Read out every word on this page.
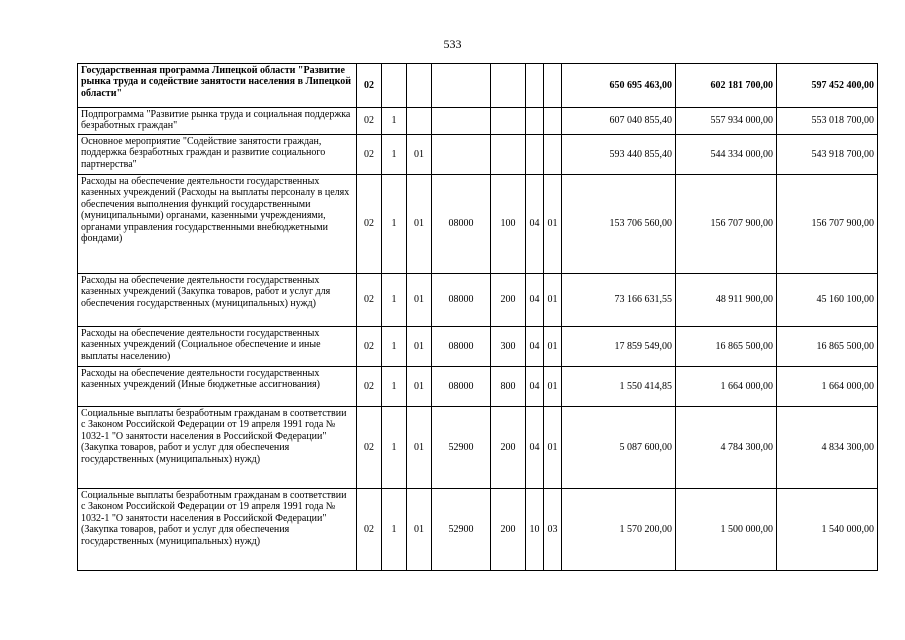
533
Государственная программа Липецкой области "Развитие рынка труда и содействие занятости населения в Липецкой области"	02							650 695 463,00	602 181 700,00	597 452 400,00
Подпрограмма "Развитие рынка труда и социальная поддержка безработных граждан"	02	1						607 040 855,40	557 934 000,00	553 018 700,00
Основное мероприятие "Содействие занятости граждан, поддержка безработных граждан и развитие социального партнерства"	02	1	01					593 440 855,40	544 334 000,00	543 918 700,00
Расходы на обеспечение деятельности государственных казенных учреждений (Расходы на выплаты персоналу в целях обеспечения выполнения функций государственными (муниципальными) органами, казенными учреждениями, органами управления государственными внебюджетными фондами)	02	1	01	08000	100	04	01	153 706 560,00	156 707 900,00	156 707 900,00
Расходы на обеспечение деятельности государственных казенных учреждений (Закупка товаров, работ и услуг для обеспечения государственных (муниципальных) нужд)	02	1	01	08000	200	04	01	73 166 631,55	48 911 900,00	45 160 100,00
Расходы на обеспечение деятельности государственных казенных учреждений (Социальное обеспечение и иные выплаты населению)	02	1	01	08000	300	04	01	17 859 549,00	16 865 500,00	16 865 500,00
Расходы на обеспечение деятельности государственных казенных учреждений (Иные бюджетные ассигнования)	02	1	01	08000	800	04	01	1 550 414,85	1 664 000,00	1 664 000,00
Социальные выплаты безработным гражданам в соответствии с Законом Российской Федерации от 19 апреля 1991 года № 1032-1 "О занятости населения в Российской Федерации" (Закупка товаров, работ и услуг для обеспечения государственных (муниципальных) нужд)	02	1	01	52900	200	04	01	5 087 600,00	4 784 300,00	4 834 300,00
Социальные выплаты безработным гражданам в соответствии с Законом Российской Федерации от 19 апреля 1991 года № 1032-1 "О занятости населения в Российской Федерации" (Закупка товаров, работ и услуг для обеспечения государственных (муниципальных) нужд)	02	1	01	52900	200	10	03	1 570 200,00	1 500 000,00	1 540 000,00
